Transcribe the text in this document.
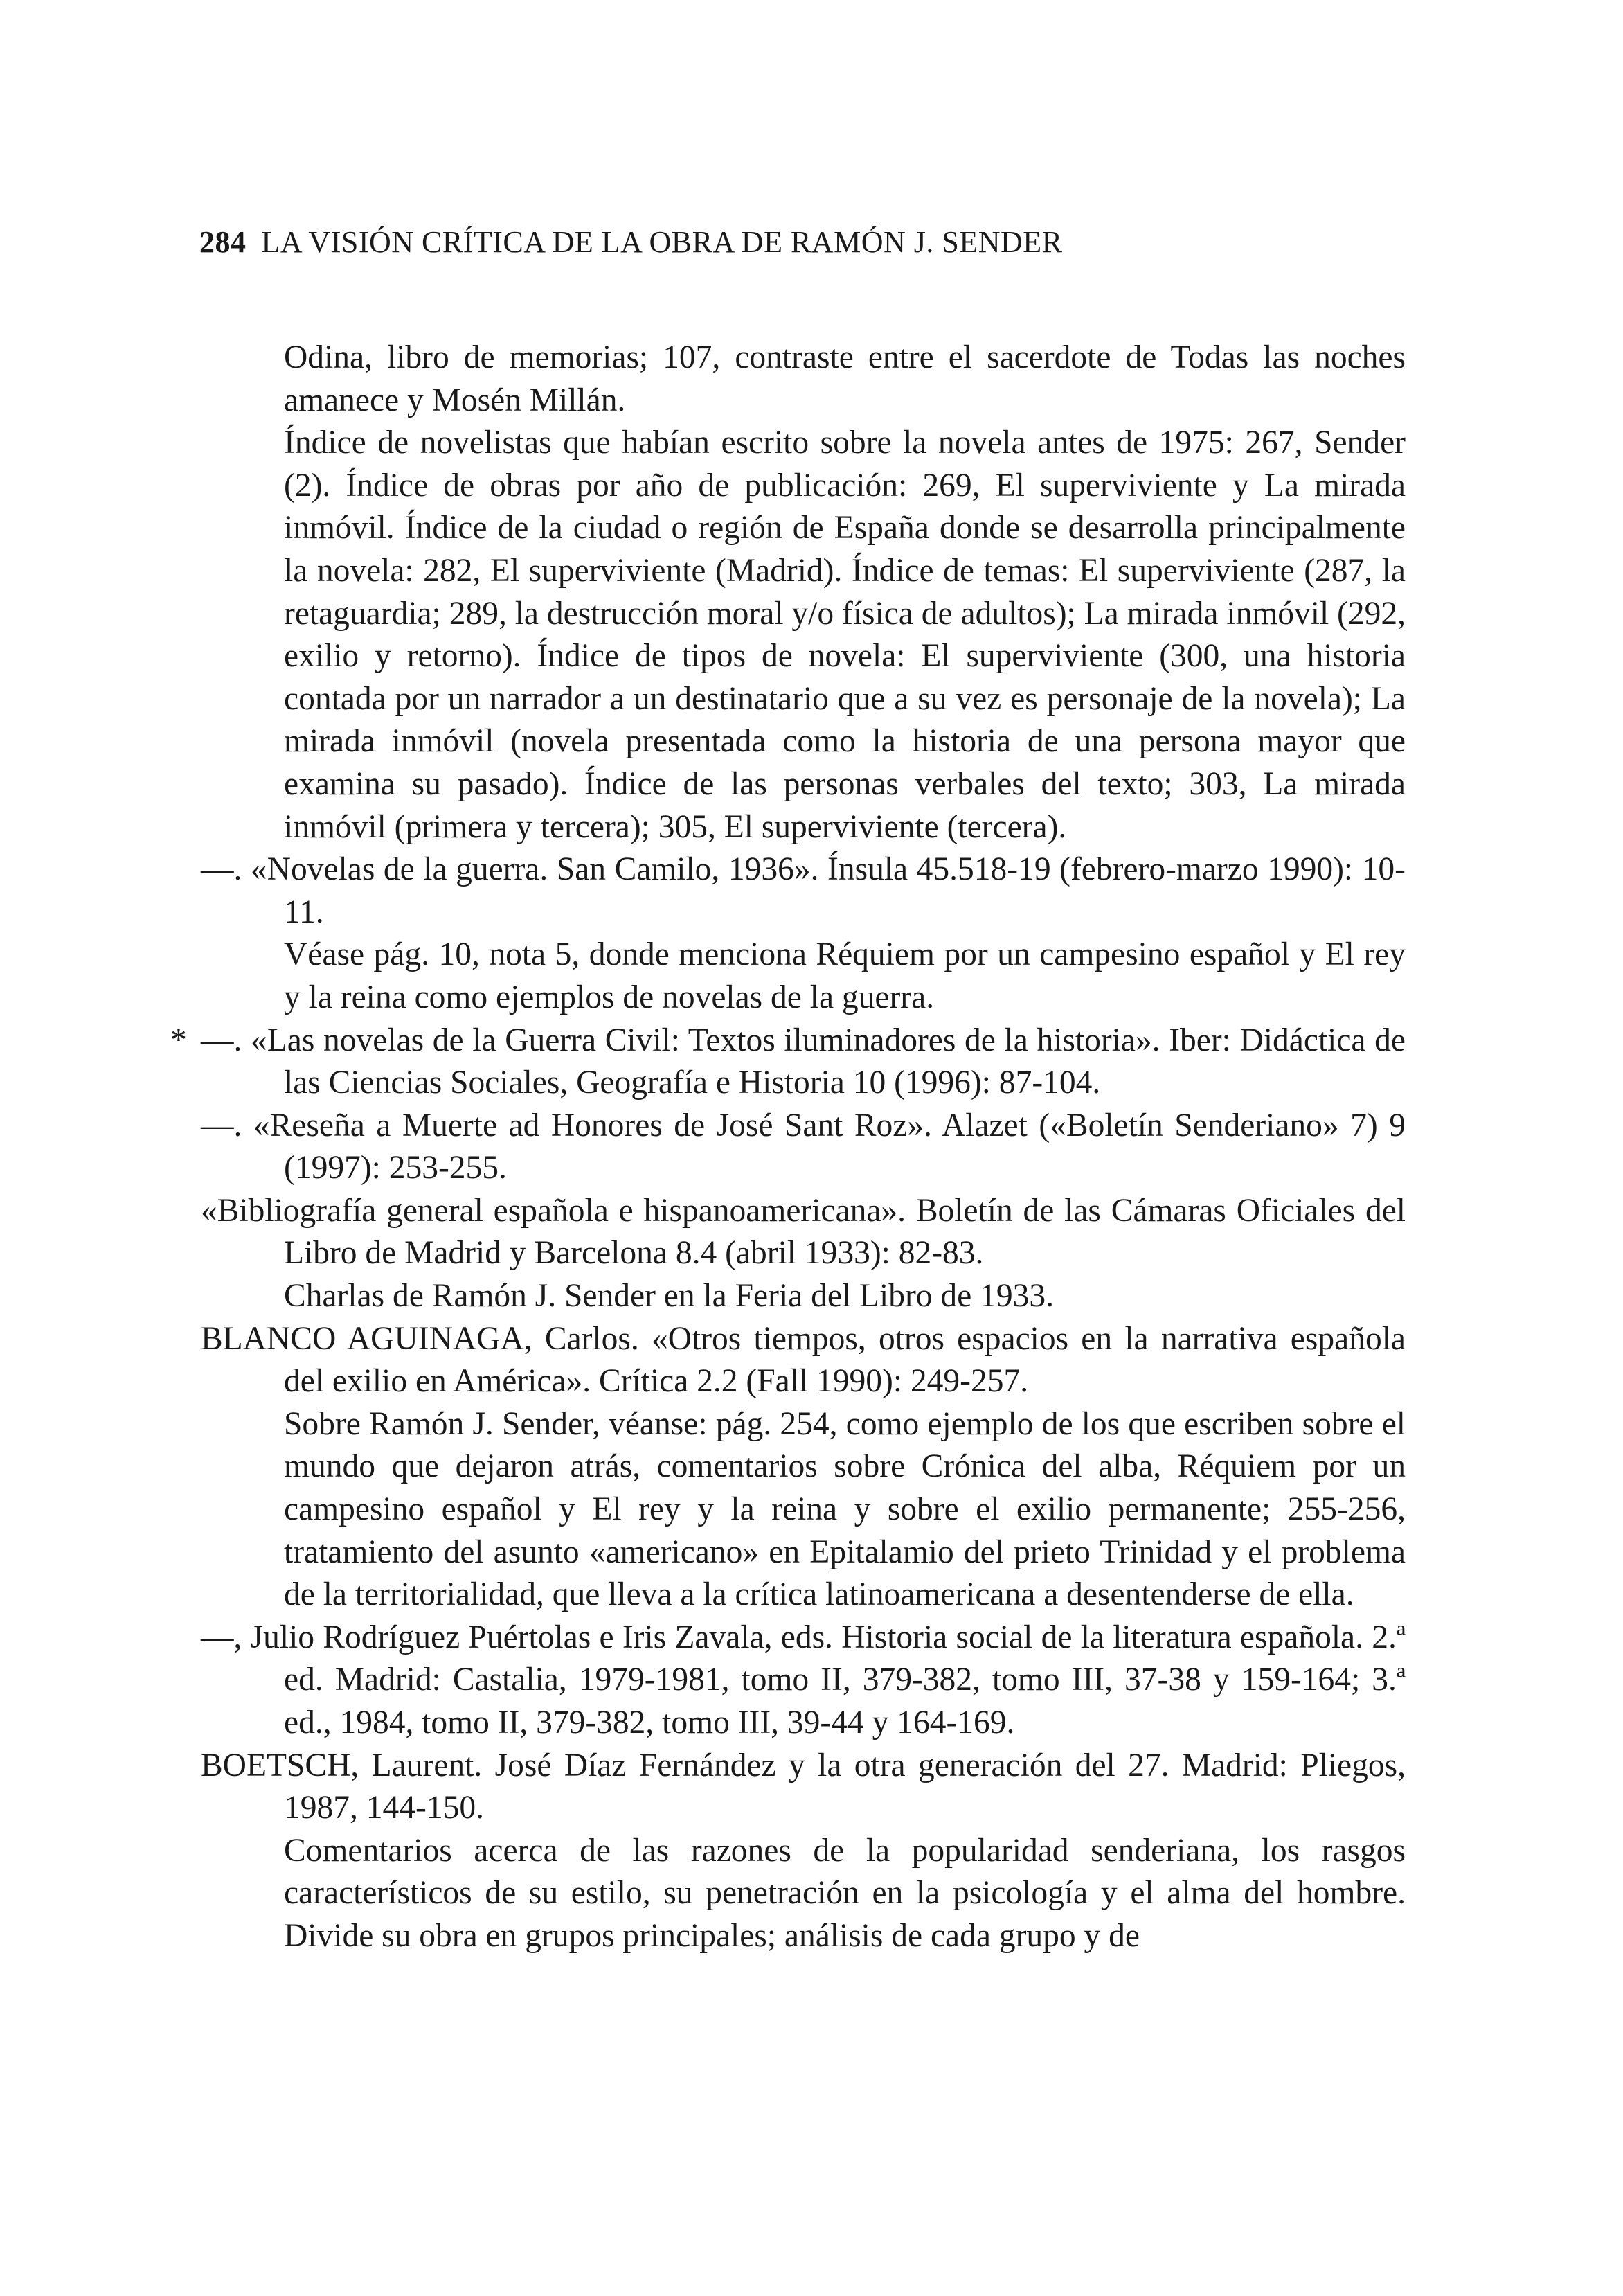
284 LA VISIÓN CRÍTICA DE LA OBRA DE RAMÓN J. SENDER

Odina, libro de memorias; 107, contraste entre el sacerdote de Todas las noches amanece y Mosén Millán.

Índice de novelistas que habían escrito sobre la novela antes de 1975: 267, Sender (2). Índice de obras por año de publicación: 269, El superviviente y La mirada inmóvil. Índice de la ciudad o región de España donde se desarrolla principalmente la novela: 282, El superviviente (Madrid). Índice de temas: El superviviente (287, la retaguardia; 289, la destrucción moral y/o física de adultos); La mirada inmóvil (292, exilio y retorno). Índice de tipos de novela: El superviviente (300, una historia contada por un narrador a un destinatario que a su vez es personaje de la novela); La mirada inmóvil (novela presentada como la historia de una persona mayor que examina su pasado). Índice de las personas verbales del texto; 303, La mirada inmóvil (primera y tercera); 305, El superviviente (tercera).

—. «Novelas de la guerra. San Camilo, 1936». Ínsula 45.518-19 (febrero-marzo 1990): 10-11.

Véase pág. 10, nota 5, donde menciona Réquiem por un campesino español y El rey y la reina como ejemplos de novelas de la guerra.

* —. «Las novelas de la Guerra Civil: Textos iluminadores de la historia». Iber: Didáctica de las Ciencias Sociales, Geografía e Historia 10 (1996): 87-104.

—. «Reseña a Muerte ad Honores de José Sant Roz». Alazet («Boletín Senderiano» 7) 9 (1997): 253-255.

«Bibliografía general española e hispanoamericana». Boletín de las Cámaras Oficiales del Libro de Madrid y Barcelona 8.4 (abril 1933): 82-83.

Charlas de Ramón J. Sender en la Feria del Libro de 1933.

BLANCO AGUINAGA, Carlos. «Otros tiempos, otros espacios en la narrativa española del exilio en América». Crítica 2.2 (Fall 1990): 249-257.

Sobre Ramón J. Sender, véanse: pág. 254, como ejemplo de los que escriben sobre el mundo que dejaron atrás, comentarios sobre Crónica del alba, Réquiem por un campesino español y El rey y la reina y sobre el exilio permanente; 255-256, tratamiento del asunto «americano» en Epitalamio del prieto Trinidad y el problema de la territorialidad, que lleva a la crítica latinoamericana a desentenderse de ella.

—, Julio Rodríguez Puértolas e Iris Zavala, eds. Historia social de la literatura española. 2.ª ed. Madrid: Castalia, 1979-1981, tomo II, 379-382, tomo III, 37-38 y 159-164; 3.ª ed., 1984, tomo II, 379-382, tomo III, 39-44 y 164-169.

BOETSCH, Laurent. José Díaz Fernández y la otra generación del 27. Madrid: Pliegos, 1987, 144-150.

Comentarios acerca de las razones de la popularidad senderiana, los rasgos característicos de su estilo, su penetración en la psicología y el alma del hombre. Divide su obra en grupos principales; análisis de cada grupo y de
